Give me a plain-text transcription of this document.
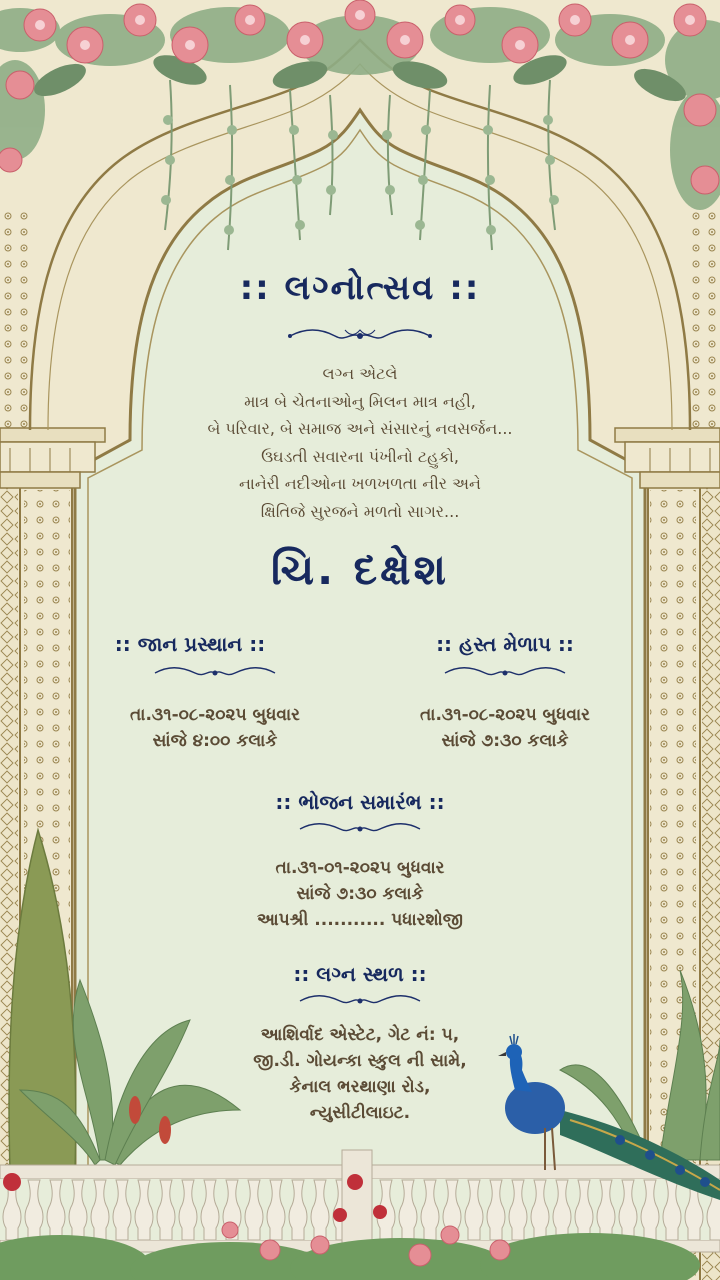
:: લગ્નોત્સવ ::
લગ્ન એટલે
માત્ર બે ચેતનાઓનુ મિલન માત્ર નહી,
બે પરિવાર, બે સમાજ અને સંસારનું નવસર્જન...
ઉઘડતી સવારના પંખીનો ટહુકો,
નાનેરી નદીઓના ખળખળતા નીર અને
ક્ષિતિજે સુરજને મળતો સાગર...
ચિ. દક્ષેશ
:: જાન પ્રસ્થાન ::
તા.૩૧-૦૮-૨૦૨૫ બુધવાર
સાંજે ૪:૦૦ કલાકે
:: હસ્ત મેળાપ ::
તા.૩૧-૦૮-૨૦૨૫ બુધવાર
સાંજે ૭:૩૦ કલાકે
:: ભોજન સમારંભ ::
તા.૩૧-૦૧-૨૦૨૫ બુધવાર
સાંજે ૭:૩૦ કલાકે
આપશ્રી ........... પધારશોજી
:: લગ્ન સ્થળ ::
આશિર્વાદ એસ્ટેટ, ગેટ નં: ૫,
જી.ડી. ગોયન્કા સ્કુલ ની સામે,
કેનાલ ભરથાણા રોડ,
ન્યુસીટીલાઇટ.
